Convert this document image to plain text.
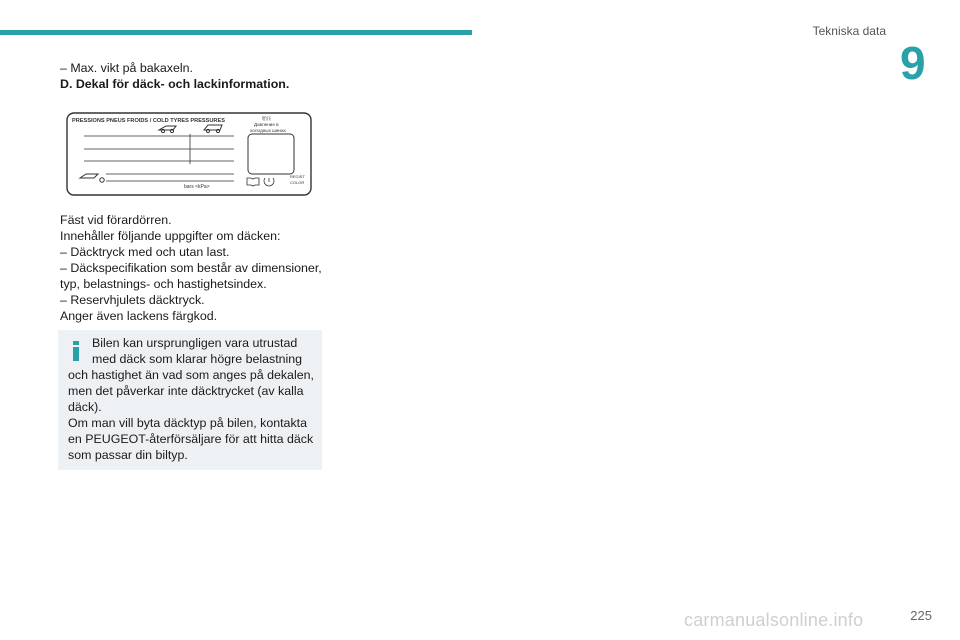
Tekniska data
9

– Max. vikt på bakaxeln.

D. Dekal för däck- och lackinformation.

PRESSIONS PNEUS FROIDS / COLD TYRES PRESSURES	胎压
Дaвлeниe в
xoлoдныx шинax
bars <kPa>
REGIST
COLOR

Fäst vid förardörren.

Innehåller följande uppgifter om däcken:

– Däcktryck med och utan last.

– Däckspecifikation som består av dimensioner,

typ, belastnings- och hastighetsindex.

– Reservhjulets däcktryck.

Anger även lackens färgkod.

Bilen kan ursprungligen vara utrustad

med däck som klarar högre belastning

och hastighet än vad som anges på dekalen,

men det påverkar inte däcktrycket (av kalla

däck).

Om man vill byta däcktyp på bilen, kontakta

en PEUGEOT-återförsäljare för att hitta däck

som passar din biltyp.

carmanualsonline.info	225
